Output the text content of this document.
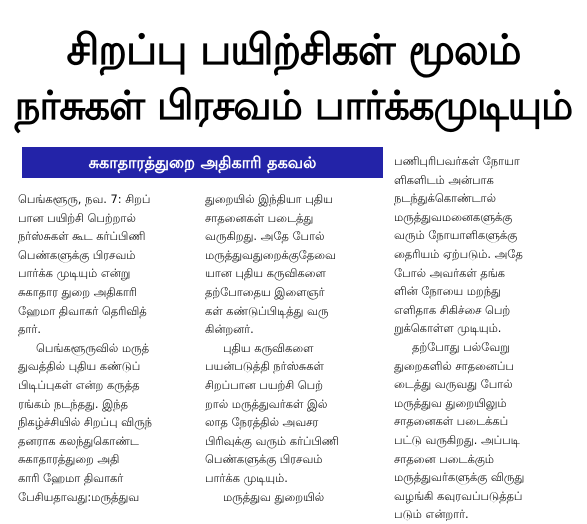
சிறப்பு பயிற்சிகள் மூலம்
நர்சுகள் பிரசவம் பார்க்கமுடியும்
சுகாதாரத்துறை அதிகாரி தகவல்
பெங்களூரு, நவ. 7: சிறப்
பான பயிற்சி பெற்றால்
நர்ஸ்சுகள் கூட கர்ப்பிணி
பெண்களுக்கு பிரசவம்
பார்க்க முடியும் என்று
சுகாதார துறை அதிகாரி
ஹேமா திவாகர் தெரிவித்
தார்.
பெங்களூருவில் மருத்
துவத்தில் புதிய கண்டுப்
பிடிப்புகள் என்ற கருத்த
ரங்கம் நடந்தது. இந்த
நிகழ்ச்சியில் சிறப்பு விருந்
தனராக கலந்துகொண்ட
சுகாதாரத்துறை அதி
காரி ஹேமா திவாகர்
பேசியதாவது:மருத்துவ
துறையில் இந்தியா புதிய
சாதனைகள் படைத்து
வருகிறது. அதே போல்
மருத்துவதுறைக்குதேவை
யான புதிய கருவிகளை
தற்போதைய இளைஞர்
கள் கண்டுப்பிடித்து வரு
கின்றனர்.
புதிய கருவிகளை
பயன்படுத்தி நர்ஸ்சுகள்
சிறப்பான பயற்சி பெற்
றால் மருத்துவர்கள் இல்
லாத நேரத்தில் அவசர
பிரிவுக்கு வரும் கர்ப்பிணி
பெண்களுக்கு பிரசவம்
பார்க்க முடியும்.
மருத்துவ துறையில்
பணிபுரிபவர்கள் நோயா
ளிகளிடம் அன்பாக
நடந்துக்கொண்டால்
மருத்துவமனைகளுக்கு
வரும் நோயாளிகளுக்கு
தைரியம் ஏற்படும். அதே
போல் அவர்கள் தங்க
ளின் நோயை மறந்து
எளிதாக சிகிச்சை பெற்
றுக்கொள்ள முடியும்.
தற்போது பல்வேறு
துறைகளில் சாதனைப்ப
டைத்து வருவது போல்
மருத்துவ துறையிலும்
சாதனைகள் படைக்கப்
பட்டு வருகிறது. அப்படி
சாதனை படைக்கும்
மருத்துவர்களுக்கு விருது
வழங்கி கவுரவப்படுத்தப்
படும் என்றார்.
